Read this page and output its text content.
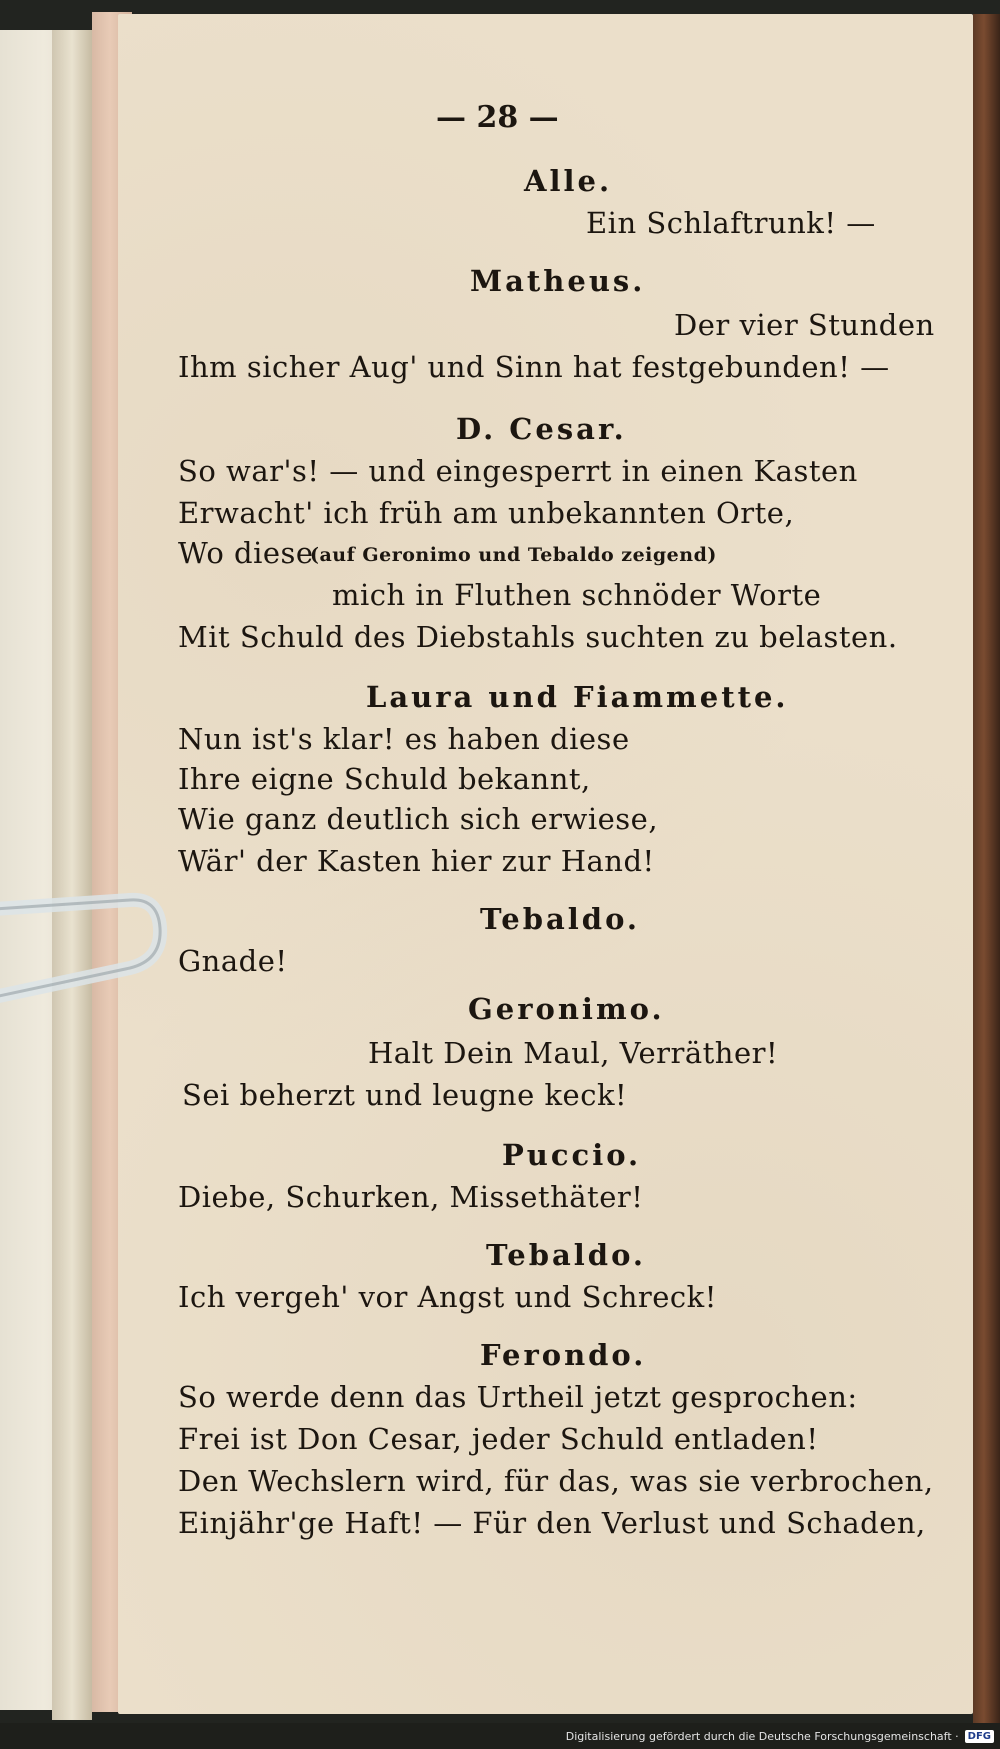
— 28 —
Alle.
Ein Schlaftrunk! —
Matheus.
Der vier Stunden
Ihm sicher Aug' und Sinn hat festgebunden! —
D. Cesar.
So war's! — und eingesperrt in einen Kasten
Erwacht' ich früh am unbekannten Orte,
Wo diese
(auf Geronimo und Tebaldo zeigend)
mich in Fluthen schnöder Worte
Mit Schuld des Diebstahls suchten zu belasten.
Laura und Fiammette.
Nun ist's klar! es haben diese
Ihre eigne Schuld bekannt,
Wie ganz deutlich sich erwiese,
Wär' der Kasten hier zur Hand!
Tebaldo.
Gnade!
Geronimo.
Halt Dein Maul, Verräther!
Sei beherzt und leugne keck!
Puccio.
Diebe, Schurken, Missethäter!
Tebaldo.
Ich vergeh' vor Angst und Schreck!
Ferondo.
So werde denn das Urtheil jetzt gesprochen:
Frei ist Don Cesar, jeder Schuld entladen!
Den Wechslern wird, für das, was sie verbrochen,
Einjähr'ge Haft! — Für den Verlust und Schaden,
Digitalisierung gefördert durch die Deutsche Forschungsgemeinschaft · DFG
